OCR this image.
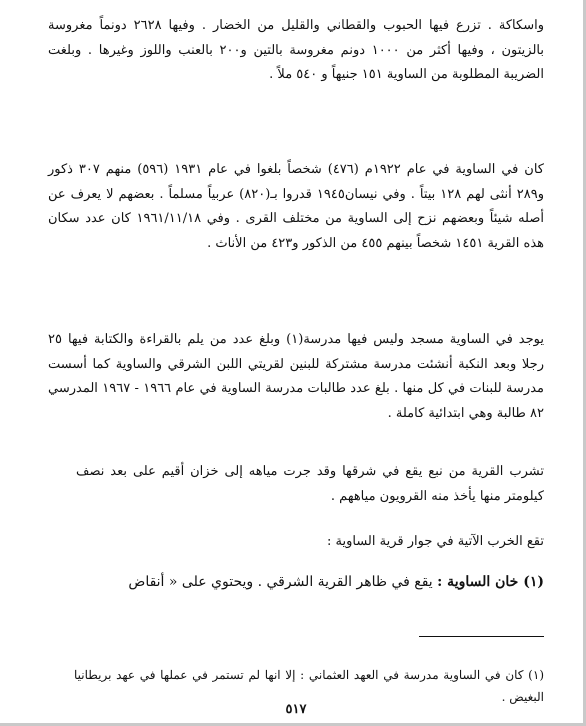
واسكاكة . تزرع فيها الحبوب والقطاني والقليل من الخضار . وفيها ٢٦٢٨ دونماً مغروسة بالزيتون ، وفيها أكثر من ١٠٠٠ دونم مغروسة بالتين و٢٠٠ بالعنب واللوز وغيرها . وبلغت الضريبة المطلوبة من الساوية ١٥١ جنيهاً و ٥٤٠ ملاً .

كان في الساوية في عام ١٩٢٢م (٤٧٦) شخصاً بلغوا في عام ١٩٣١ (٥٩٦) منهم ٣٠٧ ذكور و٢٨٩ أنثى لهم ١٢٨ بيتاً . وفي نيسان١٩٤٥ قدروا بـ(٨٢٠) عربياً مسلماً . بعضهم لا يعرف عن أصله شيئاً وبعضهم نزح إلى الساوية من مختلف القرى . وفي ١٩٦١/١١/١٨ كان عدد سكان هذه القرية ١٤٥١ شخصاً بينهم ٤٥٥ من الذكور و٤٢٣ من الأناث .

يوجد في الساوية مسجد وليس فيها مدرسة(١) وبلغ عدد من يلم بالقراءة والكتابة فيها ٢٥ رجلا وبعد النكبة أنشئت مدرسة مشتركة للبنين لقريتي اللبن الشرقي والساوية كما أسست مدرسة للبنات في كل منها . بلغ عدد طالبات مدرسة الساوية في عام ١٩٦٦ - ١٩٦٧ المدرسي ٨٢ طالبة وهي ابتدائية كاملة .

تشرب القرية من نبع يقع في شرقها وقد جرت مياهه إلى خزان أقيم على بعد نصف كيلومتر منها يأخذ منه القرويون مياههم .

تقع الخرب الآتية في جوار قرية الساوية :

(١) خان الساوية : يقع في ظاهر القرية الشرقي . ويحتوي على « أنقاض

(١) كان في الساوية مدرسة في العهد العثماني : إلا انها لم تستمر في عملها في عهد بريطانيا البغيض .

٥١٧
